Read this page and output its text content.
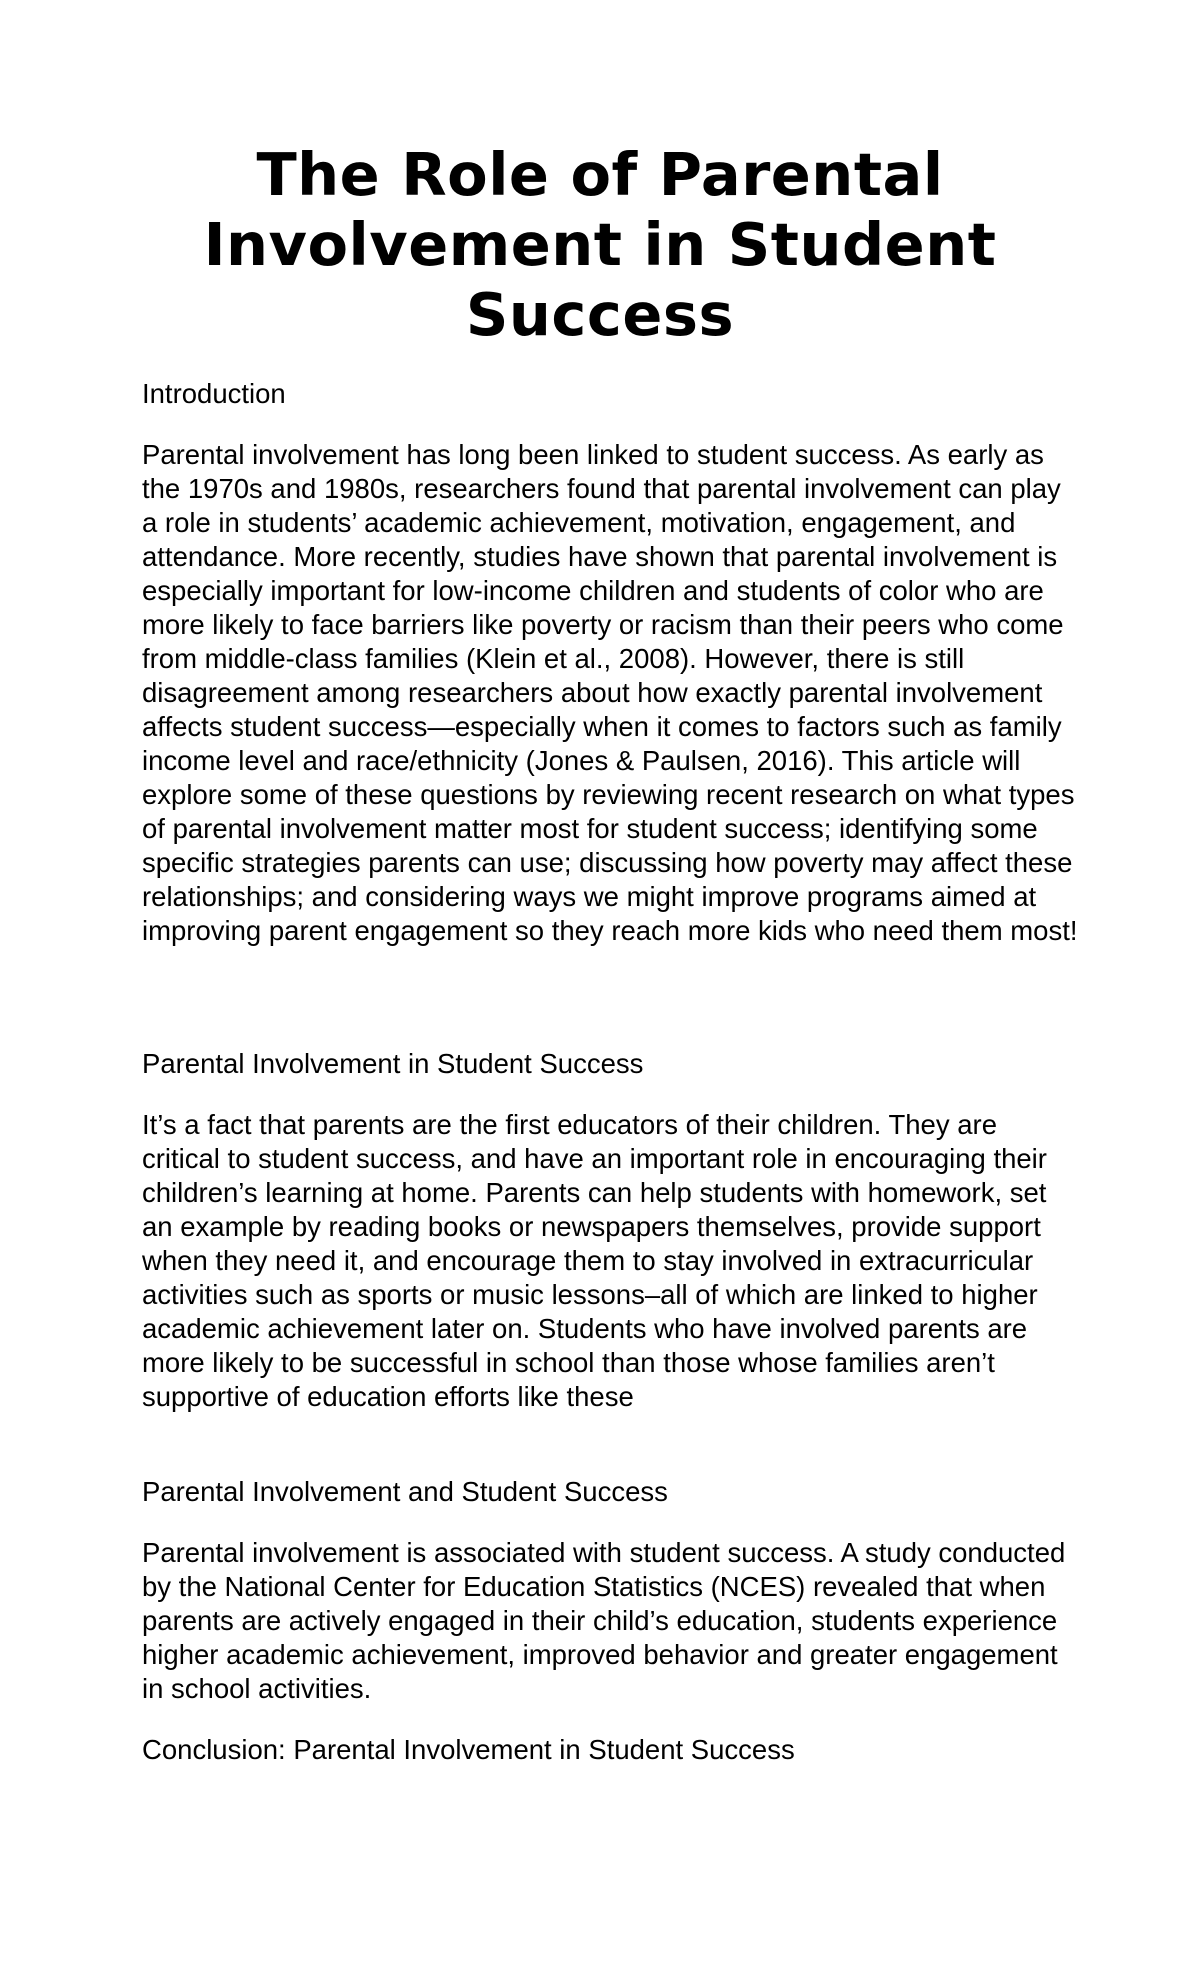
The Role of Parental Involvement in Student Success

Introduction

Parental involvement has long been linked to student success. As early as the 1970s and 1980s, researchers found that parental involvement can play a role in students’ academic achievement, motivation, engagement, and attendance. More recently, studies have shown that parental involvement is especially important for low-income children and students of color who are more likely to face barriers like poverty or racism than their peers who come from middle-class families (Klein et al., 2008). However, there is still disagreement among researchers about how exactly parental involvement affects student success—especially when it comes to factors such as family income level and race/ethnicity (Jones & Paulsen, 2016). This article will explore some of these questions by reviewing recent research on what types of parental involvement matter most for student success; identifying some specific strategies parents can use; discussing how poverty may affect these relationships; and considering ways we might improve programs aimed at improving parent engagement so they reach more kids who need them most!

Parental Involvement in Student Success

It’s a fact that parents are the first educators of their children. They are critical to student success, and have an important role in encouraging their children’s learning at home. Parents can help students with homework, set an example by reading books or newspapers themselves, provide support when they need it, and encourage them to stay involved in extracurricular activities such as sports or music lessons–all of which are linked to higher academic achievement later on. Students who have involved parents are more likely to be successful in school than those whose families aren’t supportive of education efforts like these

Parental Involvement and Student Success

Parental involvement is associated with student success. A study conducted by the National Center for Education Statistics (NCES) revealed that when parents are actively engaged in their child’s education, students experience higher academic achievement, improved behavior and greater engagement in school activities.

Conclusion: Parental Involvement in Student Success
